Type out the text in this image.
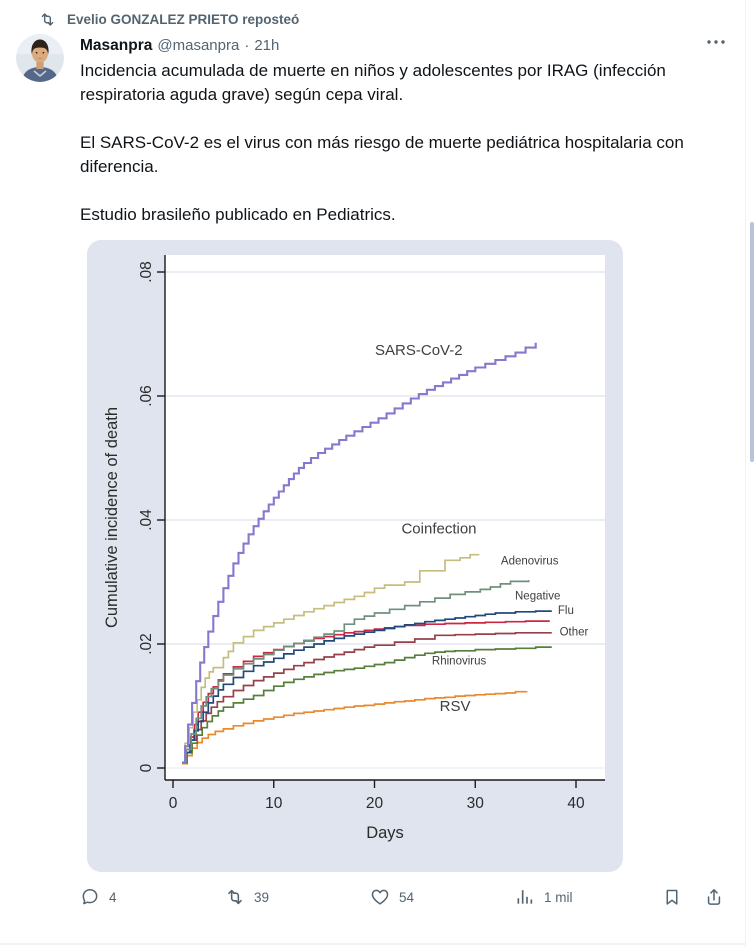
Evelio GONZALEZ PRIETO reposteó
Masanpra @masanpra · 21h

Incidencia acumulada de muerte en niños y adolescentes por IRAG (infección respiratoria aguda grave) según cepa viral.

El SARS-CoV-2 es el virus con más riesgo de muerte pediátrica hospitalaria con diferencia.

Estudio brasileño publicado en Pediatrics.

0
.02
.04
.06
.08
0	10	20	30	40
Cumulative incidence of death
Days
RSV
Rhinovirus
Other
Flu
Negative
Adenovirus
Coinfection
SARS-CoV-2
4	39	54	1 mil
